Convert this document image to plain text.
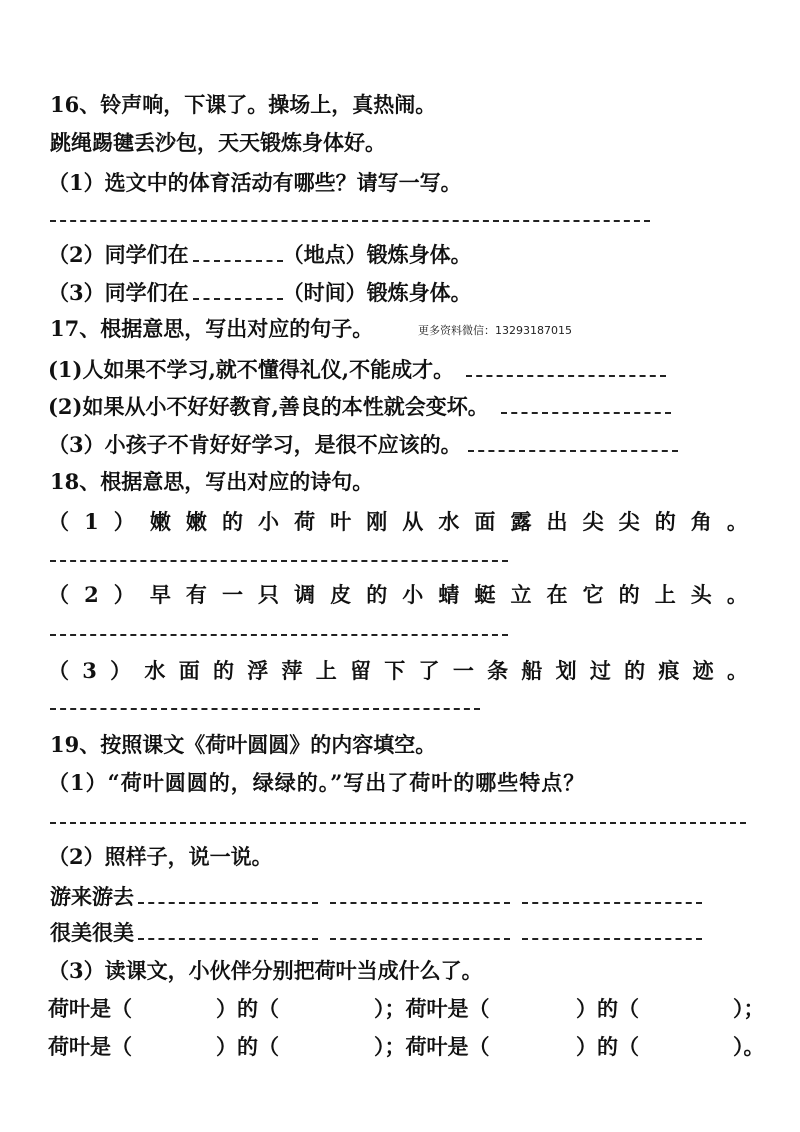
16、铃声响，下课了。操场上，真热闹。
跳绳踢毽丢沙包，天天锻炼身体好。
（1）选文中的体育活动有哪些？请写一写。
（2）同学们在	（地点）锻炼身体。
（3）同学们在	（时间）锻炼身体。
17、根据意思，写出对应的句子。	更多资料微信：13293187015
(1)人如果不学习,就不懂得礼仪,不能成才。
(2)如果从小不好好教育,善良的本性就会变坏。
（3）小孩子不肯好好学习，是很不应该的。
18、根据意思，写出对应的诗句。
（ 1 ） 嫩 嫩 的 小 荷 叶 刚 从 水 面 露 出 尖 尖 的 角 。
（ 2 ） 早 有 一 只 调 皮 的 小 蜻 蜓 立 在 它 的 上 头 。
（ 3 ） 水 面 的 浮 萍 上 留 下 了 一 条 船 划 过 的 痕 迹 。
19、按照课文《荷叶圆圆》的内容填空。
（1）“荷叶圆圆的，绿绿的。”写出了荷叶的哪些特点？
（2）照样子，说一说。
游来游去
很美很美
（3）读课文，小伙伴分别把荷叶当成什么了。
荷叶是（	）的（	）；荷叶是（	）的（	）；
荷叶是（	）的（	）；荷叶是（	）的（	）。
